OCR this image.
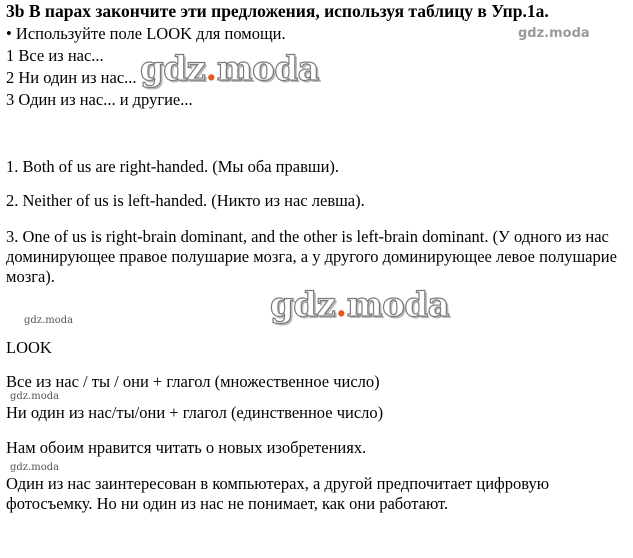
3b В парах закончите эти предложения, используя таблицу в Упр.1a.

• Используйте поле LOOK для помощи.

1 Все из нас...

2 Ни один из нас...

3 Один из нас... и другие...

1. Both of us are right-handed. (Мы оба правши).

2. Neither of us is left-handed. (Никто из нас левша).

3. One of us is right-brain dominant, and the other is left-brain dominant. (У одного из нас доминирующее правое полушарие мозга, а у другого доминирующее левое полушарие мозга).

LOOK

Все из нас / ты / они + глагол (множественное число)

Ни один из нас/ты/они + глагол (единственное число)

Нам обоим нравится читать о новых изобретениях.

Один из нас заинтересован в компьютерах, а другой предпочитает цифровую фотосъемку. Но ни один из нас не понимает, как они работают.

gdz.moda
gdz.moda
gdz.moda
gdz.moda
gdz.moda
gdz.moda
